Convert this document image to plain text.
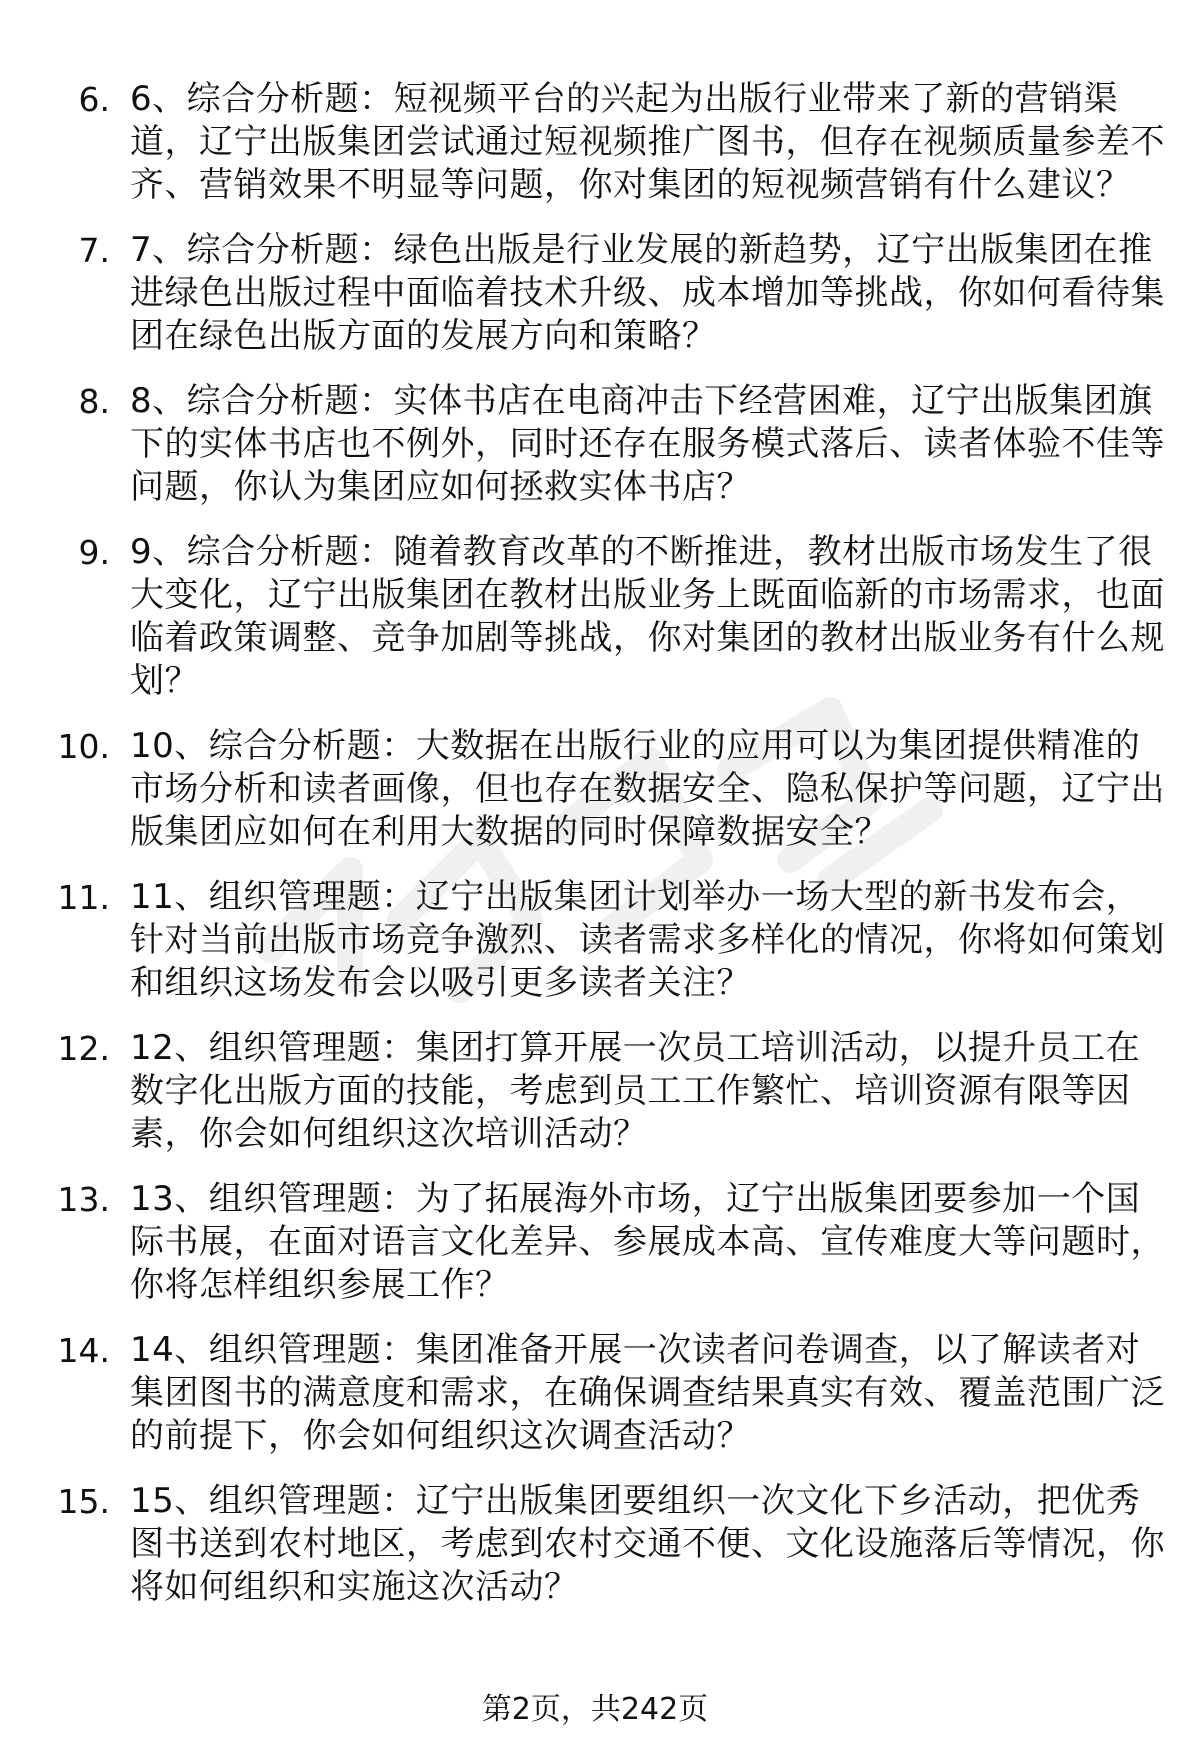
6. 6、综合分析题：短视频平台的兴起为出版行业带来了新的营销渠道，辽宁出版集团尝试通过短视频推广图书，但存在视频质量参差不齐、营销效果不明显等问题，你对集团的短视频营销有什么建议？
7. 7、综合分析题：绿色出版是行业发展的新趋势，辽宁出版集团在推进绿色出版过程中面临着技术升级、成本增加等挑战，你如何看待集团在绿色出版方面的发展方向和策略？
8. 8、综合分析题：实体书店在电商冲击下经营困难，辽宁出版集团旗下的实体书店也不例外，同时还存在服务模式落后、读者体验不佳等问题，你认为集团应如何拯救实体书店？
9. 9、综合分析题：随着教育改革的不断推进，教材出版市场发生了很大变化，辽宁出版集团在教材出版业务上既面临新的市场需求，也面临着政策调整、竞争加剧等挑战，你对集团的教材出版业务有什么规划？
10. 10、综合分析题：大数据在出版行业的应用可以为集团提供精准的市场分析和读者画像，但也存在数据安全、隐私保护等问题，辽宁出版集团应如何在利用大数据的同时保障数据安全？
11. 11、组织管理题：辽宁出版集团计划举办一场大型的新书发布会，针对当前出版市场竞争激烈、读者需求多样化的情况，你将如何策划和组织这场发布会以吸引更多读者关注？
12. 12、组织管理题：集团打算开展一次员工培训活动，以提升员工在数字化出版方面的技能，考虑到员工工作繁忙、培训资源有限等因素，你会如何组织这次培训活动？
13. 13、组织管理题：为了拓展海外市场，辽宁出版集团要参加一个国际书展，在面对语言文化差异、参展成本高、宣传难度大等问题时，你将怎样组织参展工作？
14. 14、组织管理题：集团准备开展一次读者问卷调查，以了解读者对集团图书的满意度和需求，在确保调查结果真实有效、覆盖范围广泛的前提下，你会如何组织这次调查活动？
15. 15、组织管理题：辽宁出版集团要组织一次文化下乡活动，把优秀图书送到农村地区，考虑到农村交通不便、文化设施落后等情况，你将如何组织和实施这次活动？
第2页，共242页
